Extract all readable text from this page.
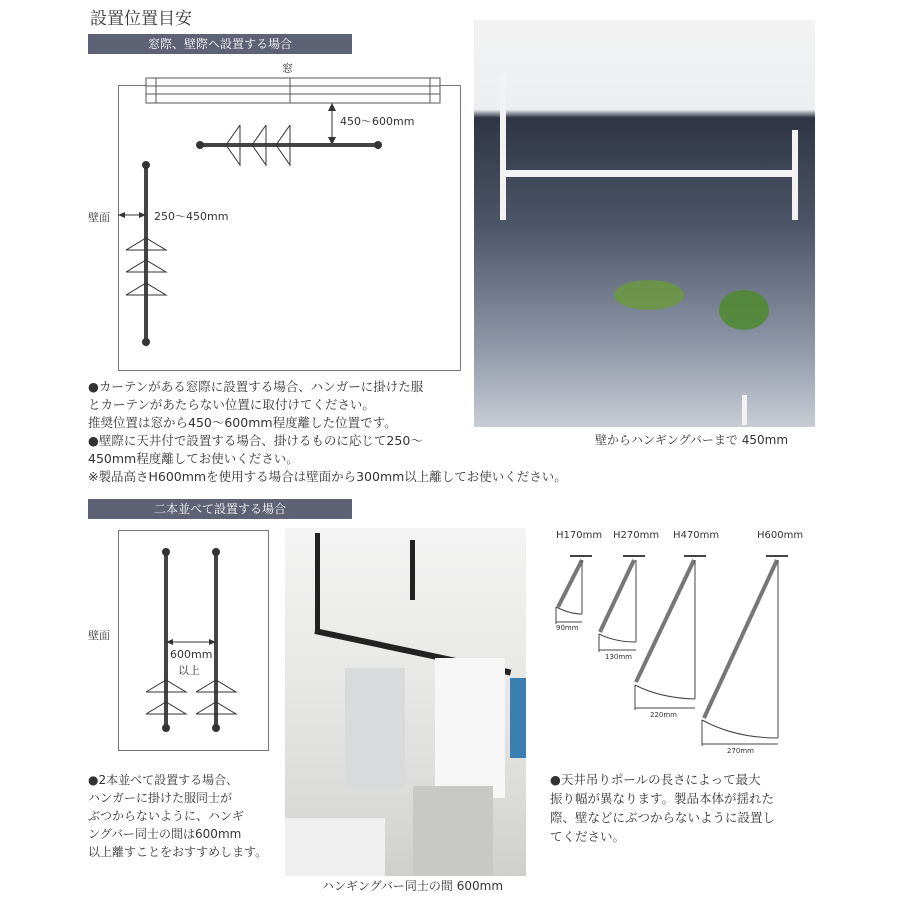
設置位置目安
窓際、壁際へ設置する場合
窓
450〜600mm
壁面	250〜450mm
●カーテンがある窓際に設置する場合、ハンガーに掛けた服
とカーテンがあたらない位置に取付けてください。
推奨位置は窓から450〜600mm程度離した位置です。
●壁際に天井付で設置する場合、掛けるものに応じて250〜
450mm程度離してお使いください。
※製品高さH600mmを使用する場合は壁面から300mm以上離してお使いください。
壁からハンギングバーまで 450mm
二本並べて設置する場合
壁面
600mm
以上
●2本並べて設置する場合、
ハンガーに掛けた服同士が
ぶつからないように、ハンギ
ングバー同士の間は600mm
以上離すことをおすすめします。
ハンギングバー同士の間 600mm
H170mm H270mm H470mm	H600mm
90mm
130mm
220mm
270mm
●天井吊りポールの長さによって最大
振り幅が異なります。製品本体が揺れた
際、壁などにぶつからないように設置し
てください。
